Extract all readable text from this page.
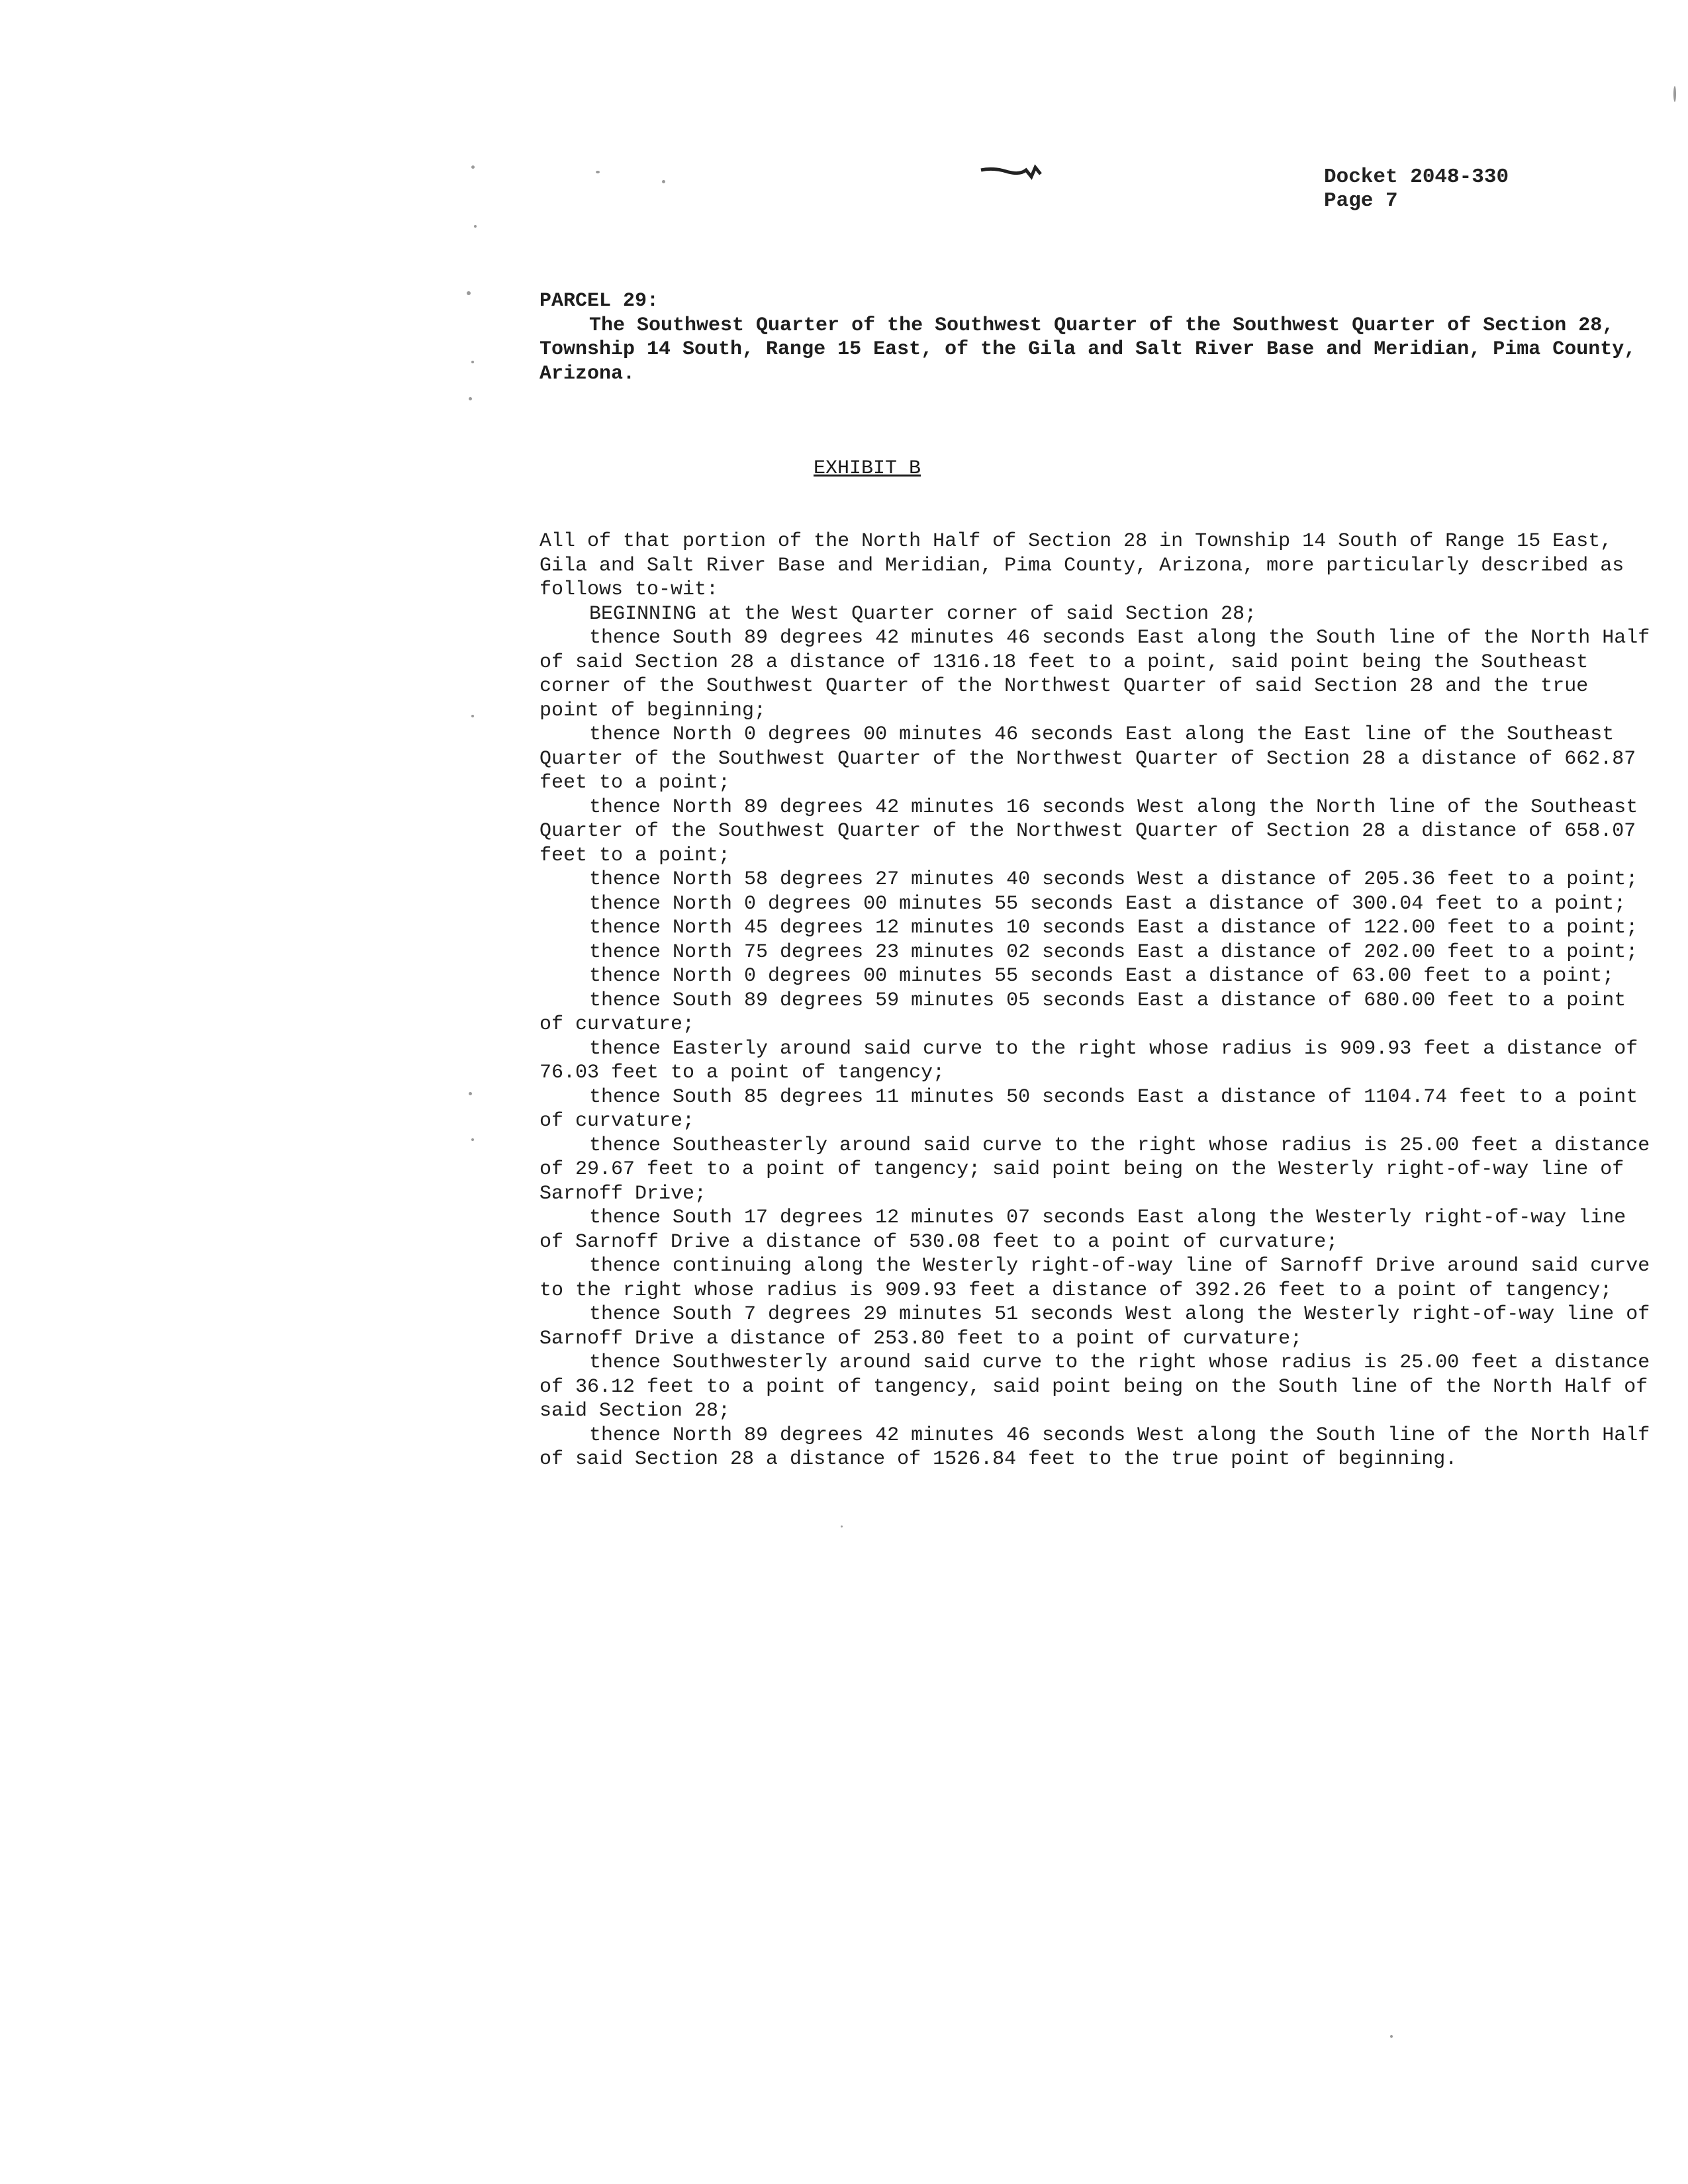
Docket 2048-330
Page 7
PARCEL 29:
The Southwest Quarter of the Southwest Quarter of the Southwest Quarter of Section 28, Township 14 South, Range 15 East, of the Gila and Salt River Base and Meridian, Pima County, Arizona.
EXHIBIT B

All of that portion of the North Half of Section 28 in Township 14 South of Range 15 East, Gila and Salt River Base and Meridian, Pima County, Arizona, more particularly described as follows to-wit:

BEGINNING at the West Quarter corner of said Section 28;

thence South 89 degrees 42 minutes 46 seconds East along the South line of the North Half of said Section 28 a distance of 1316.18 feet to a point, said point being the Southeast corner of the Southwest Quarter of the Northwest Quarter of said Section 28 and the true point of beginning;

thence North 0 degrees 00 minutes 46 seconds East along the East line of the Southeast Quarter of the Southwest Quarter of the Northwest Quarter of Section 28 a distance of 662.87 feet to a point;

thence North 89 degrees 42 minutes 16 seconds West along the North line of the Southeast Quarter of the Southwest Quarter of the Northwest Quarter of Section 28 a distance of 658.07 feet to a point;

thence North 58 degrees 27 minutes 40 seconds West a distance of 205.36 feet to a point;

thence North 0 degrees 00 minutes 55 seconds East a distance of 300.04 feet to a point;

thence North 45 degrees 12 minutes 10 seconds East a distance of 122.00 feet to a point;

thence North 75 degrees 23 minutes 02 seconds East a distance of 202.00 feet to a point;

thence North 0 degrees 00 minutes 55 seconds East a distance of 63.00 feet to a point;

thence South 89 degrees 59 minutes 05 seconds East a distance of 680.00 feet to a point of curvature;

thence Easterly around said curve to the right whose radius is 909.93 feet a distance of 76.03 feet to a point of tangency;

thence South 85 degrees 11 minutes 50 seconds East a distance of 1104.74 feet to a point of curvature;

thence Southeasterly around said curve to the right whose radius is 25.00 feet a distance of 29.67 feet to a point of tangency; said point being on the Westerly right-of-way line of Sarnoff Drive;

thence South 17 degrees 12 minutes 07 seconds East along the Westerly right-of-way line of Sarnoff Drive a distance of 530.08 feet to a point of curvature;

thence continuing along the Westerly right-of-way line of Sarnoff Drive around said curve to the right whose radius is 909.93 feet a distance of 392.26 feet to a point of tangency;

thence South 7 degrees 29 minutes 51 seconds West along the Westerly right-of-way line of Sarnoff Drive a distance of 253.80 feet to a point of curvature;

thence Southwesterly around said curve to the right whose radius is 25.00 feet a distance of 36.12 feet to a point of tangency, said point being on the South line of the North Half of said Section 28;

thence North 89 degrees 42 minutes 46 seconds West along the South line of the North Half of said Section 28 a distance of 1526.84 feet to the true point of beginning.
